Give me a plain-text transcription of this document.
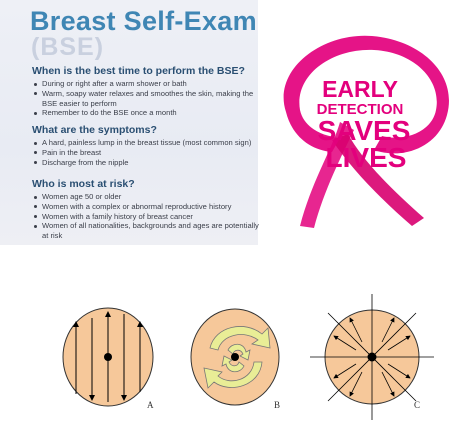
Breast Self-Exam
(BSE)
When is the best time to perform the BSE?
During or right after a warm shower or bath
Warm, soapy water relaxes and smoothes the skin, making the BSE easier to perform
Remember to do the BSE once a month
What are the symptoms?
A hard, painless lump in the breast tissue (most common sign)
Pain in the breast
Discharge from the nipple
Who is most at risk?
Women age 50 or older
Women with a complex or abnormal reproductive history
Women with a family history of breast cancer
Women of all nationalities, backgrounds and ages are potentially at risk
EARLY
DETECTION
SAVES
LIVES
A	B	C
